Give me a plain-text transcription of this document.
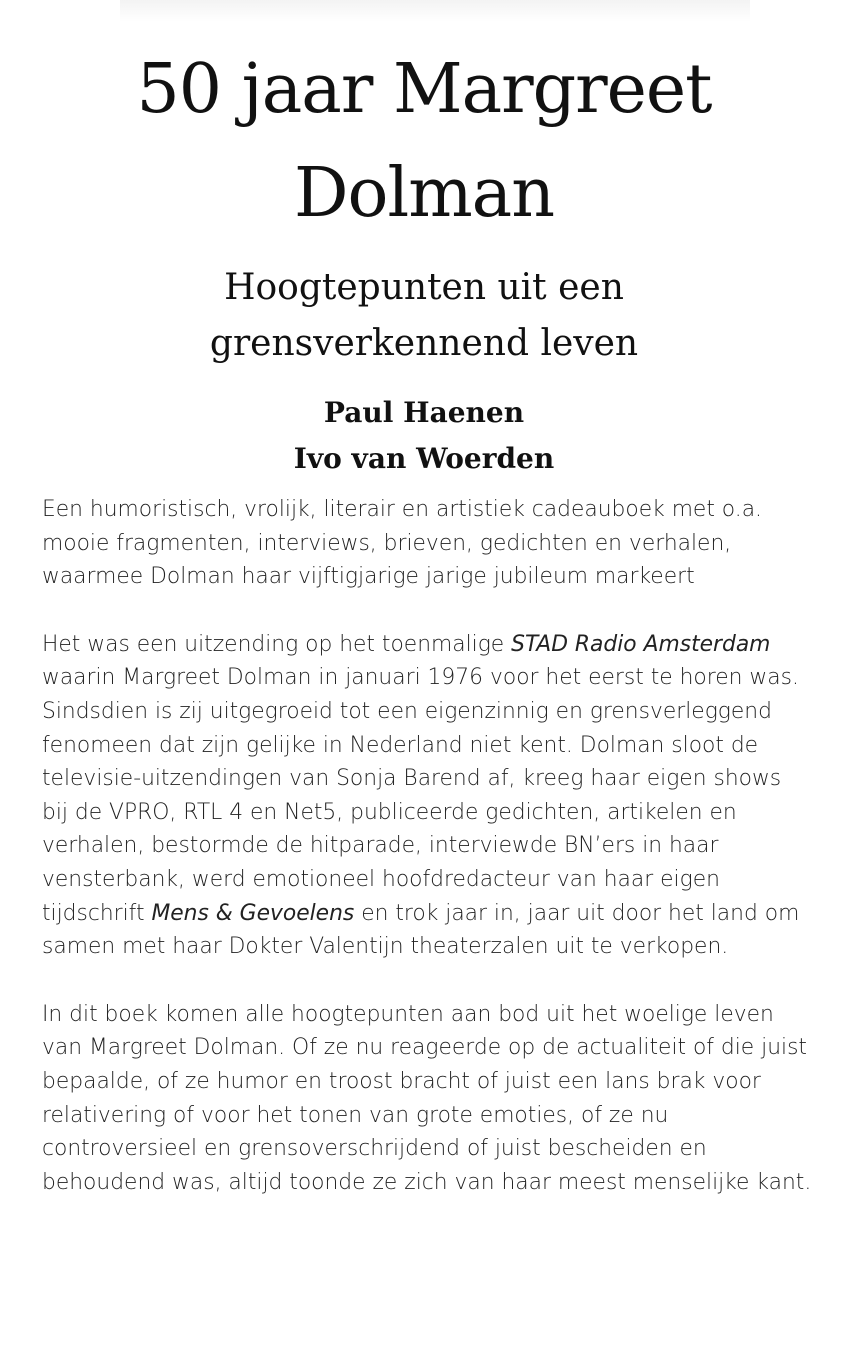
50 jaar Margreet
Dolman
Hoogtepunten uit een
grensverkennend leven
Paul Haenen
Ivo van Woerden

Een humoristisch, vrolijk, literair en artistiek cadeauboek met o.a. mooie fragmenten, interviews, brieven, gedichten en verhalen, waarmee Dolman haar vijftigjarige jarige jubileum markeert

Het was een uitzending op het toenmalige STAD Radio Amsterdam waarin Margreet Dolman in januari 1976 voor het eerst te horen was. Sindsdien is zij uitgegroeid tot een eigenzinnig en grensverleggend fenomeen dat zijn gelijke in Nederland niet kent. Dolman sloot de televisie-uitzendingen van Sonja Barend af, kreeg haar eigen shows bij de VPRO, RTL 4 en Net5, publiceerde gedichten, artikelen en verhalen, bestormde de hitparade, interviewde BN’ers in haar vensterbank, werd emotioneel hoofdredacteur van haar eigen tijdschrift Mens & Gevoelens en trok jaar in, jaar uit door het land om samen met haar Dokter Valentijn theaterzalen uit te verkopen.

In dit boek komen alle hoogtepunten aan bod uit het woelige leven van Margreet Dolman. Of ze nu reageerde op de actualiteit of die juist bepaalde, of ze humor en troost bracht of juist een lans brak voor relativering of voor het tonen van grote emoties, of ze nu controversieel en grensoverschrijdend of juist bescheiden en behoudend was, altijd toonde ze zich van haar meest menselijke kant.
